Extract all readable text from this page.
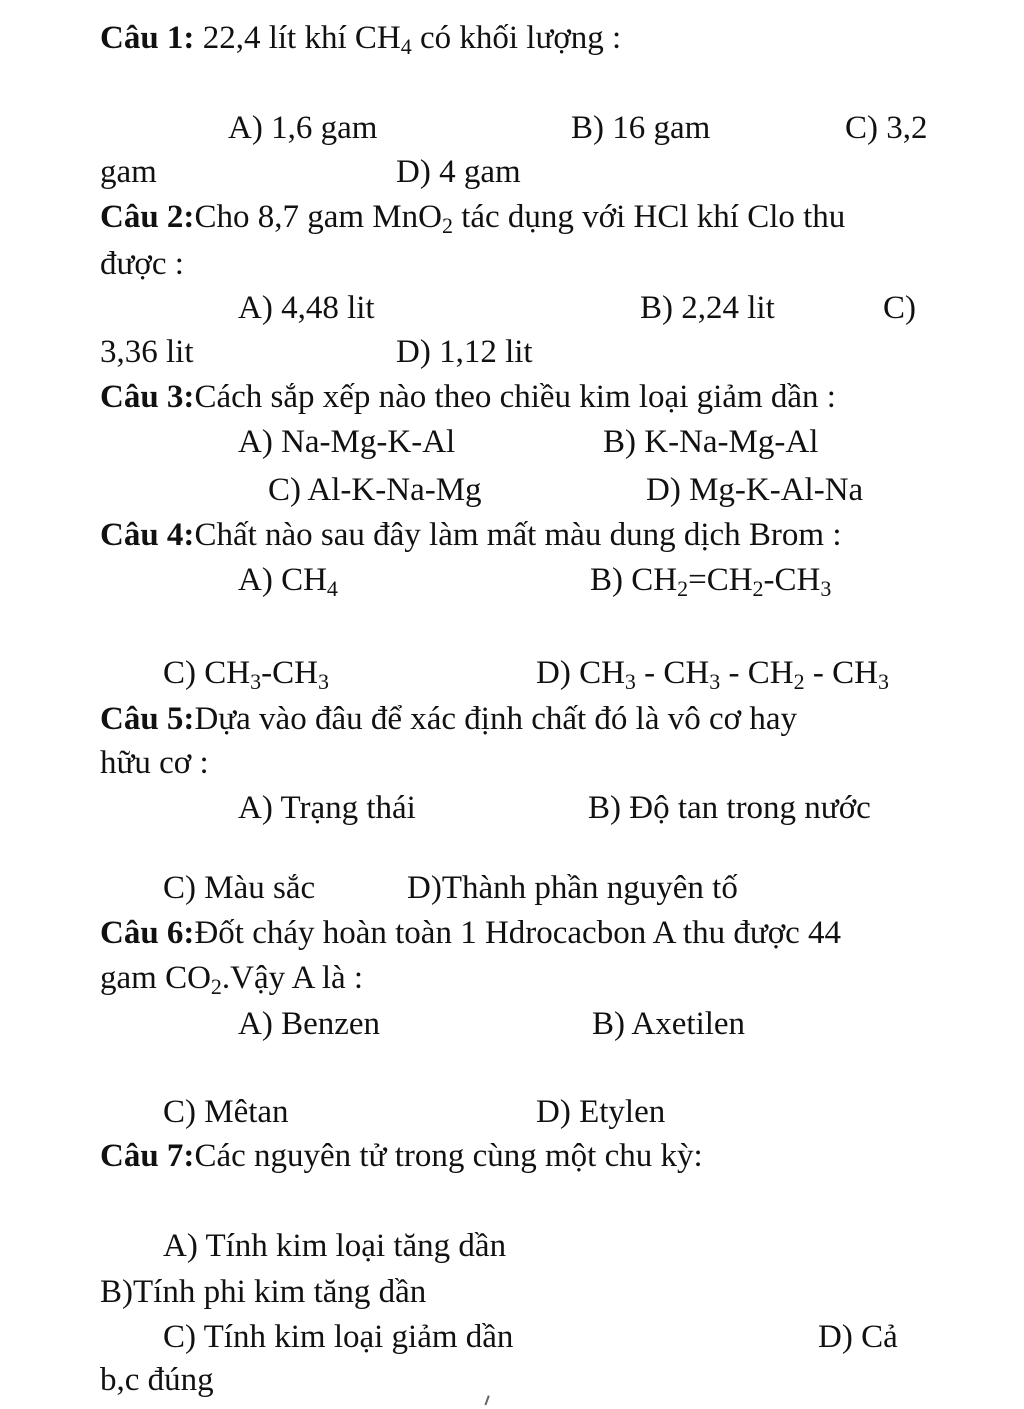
Câu 1: 22,4 lít khí $CH_4$ có khối lượng :
A) 1,6 gam	B) 16 gam	C) 3,2
gam	D) 4 gam
Câu 2:Cho 8,7 gam MnO$_2$ tác dụng với HCl khí Clo thu
được :
A) 4,48 lit	B) 2,24 lit	C)
3,36 lit	D) 1,12 lit
Câu 3:Cách sắp xếp nào theo chiều kim loại giảm dần :
A) Na-Mg-K-Al	B) K-Na-Mg-Al
C) Al-K-Na-Mg	D) Mg-K-Al-Na
Câu 4:Chất nào sau đây làm mất màu dung dịch Brom :
A) $CH_4$	B) $CH_2=CH_2-CH_3$
C) $CH_3-CH_3$	D) $CH_3 - CH_3 - CH_2 - CH_3$
Câu 5:Dựa vào đâu để xác định chất đó là vô cơ hay
hữu cơ :
A) Trạng thái	B) Độ tan trong nước
C) Màu sắc	D)Thành phần nguyên tố
Câu 6:Đốt cháy hoàn toàn 1 Hdrocacbon A thu được 44
gam $CO_2.Vậy$ A là :
A) Benzen	B) Axetilen
C) Mêtan	D) Etylen
Câu 7:Các nguyên tử trong cùng một chu kỳ:
A) Tính kim loại tăng dần
B)Tính phi kim tăng dần
C) Tính kim loại giảm dần	D) Cả
b,c đúng
